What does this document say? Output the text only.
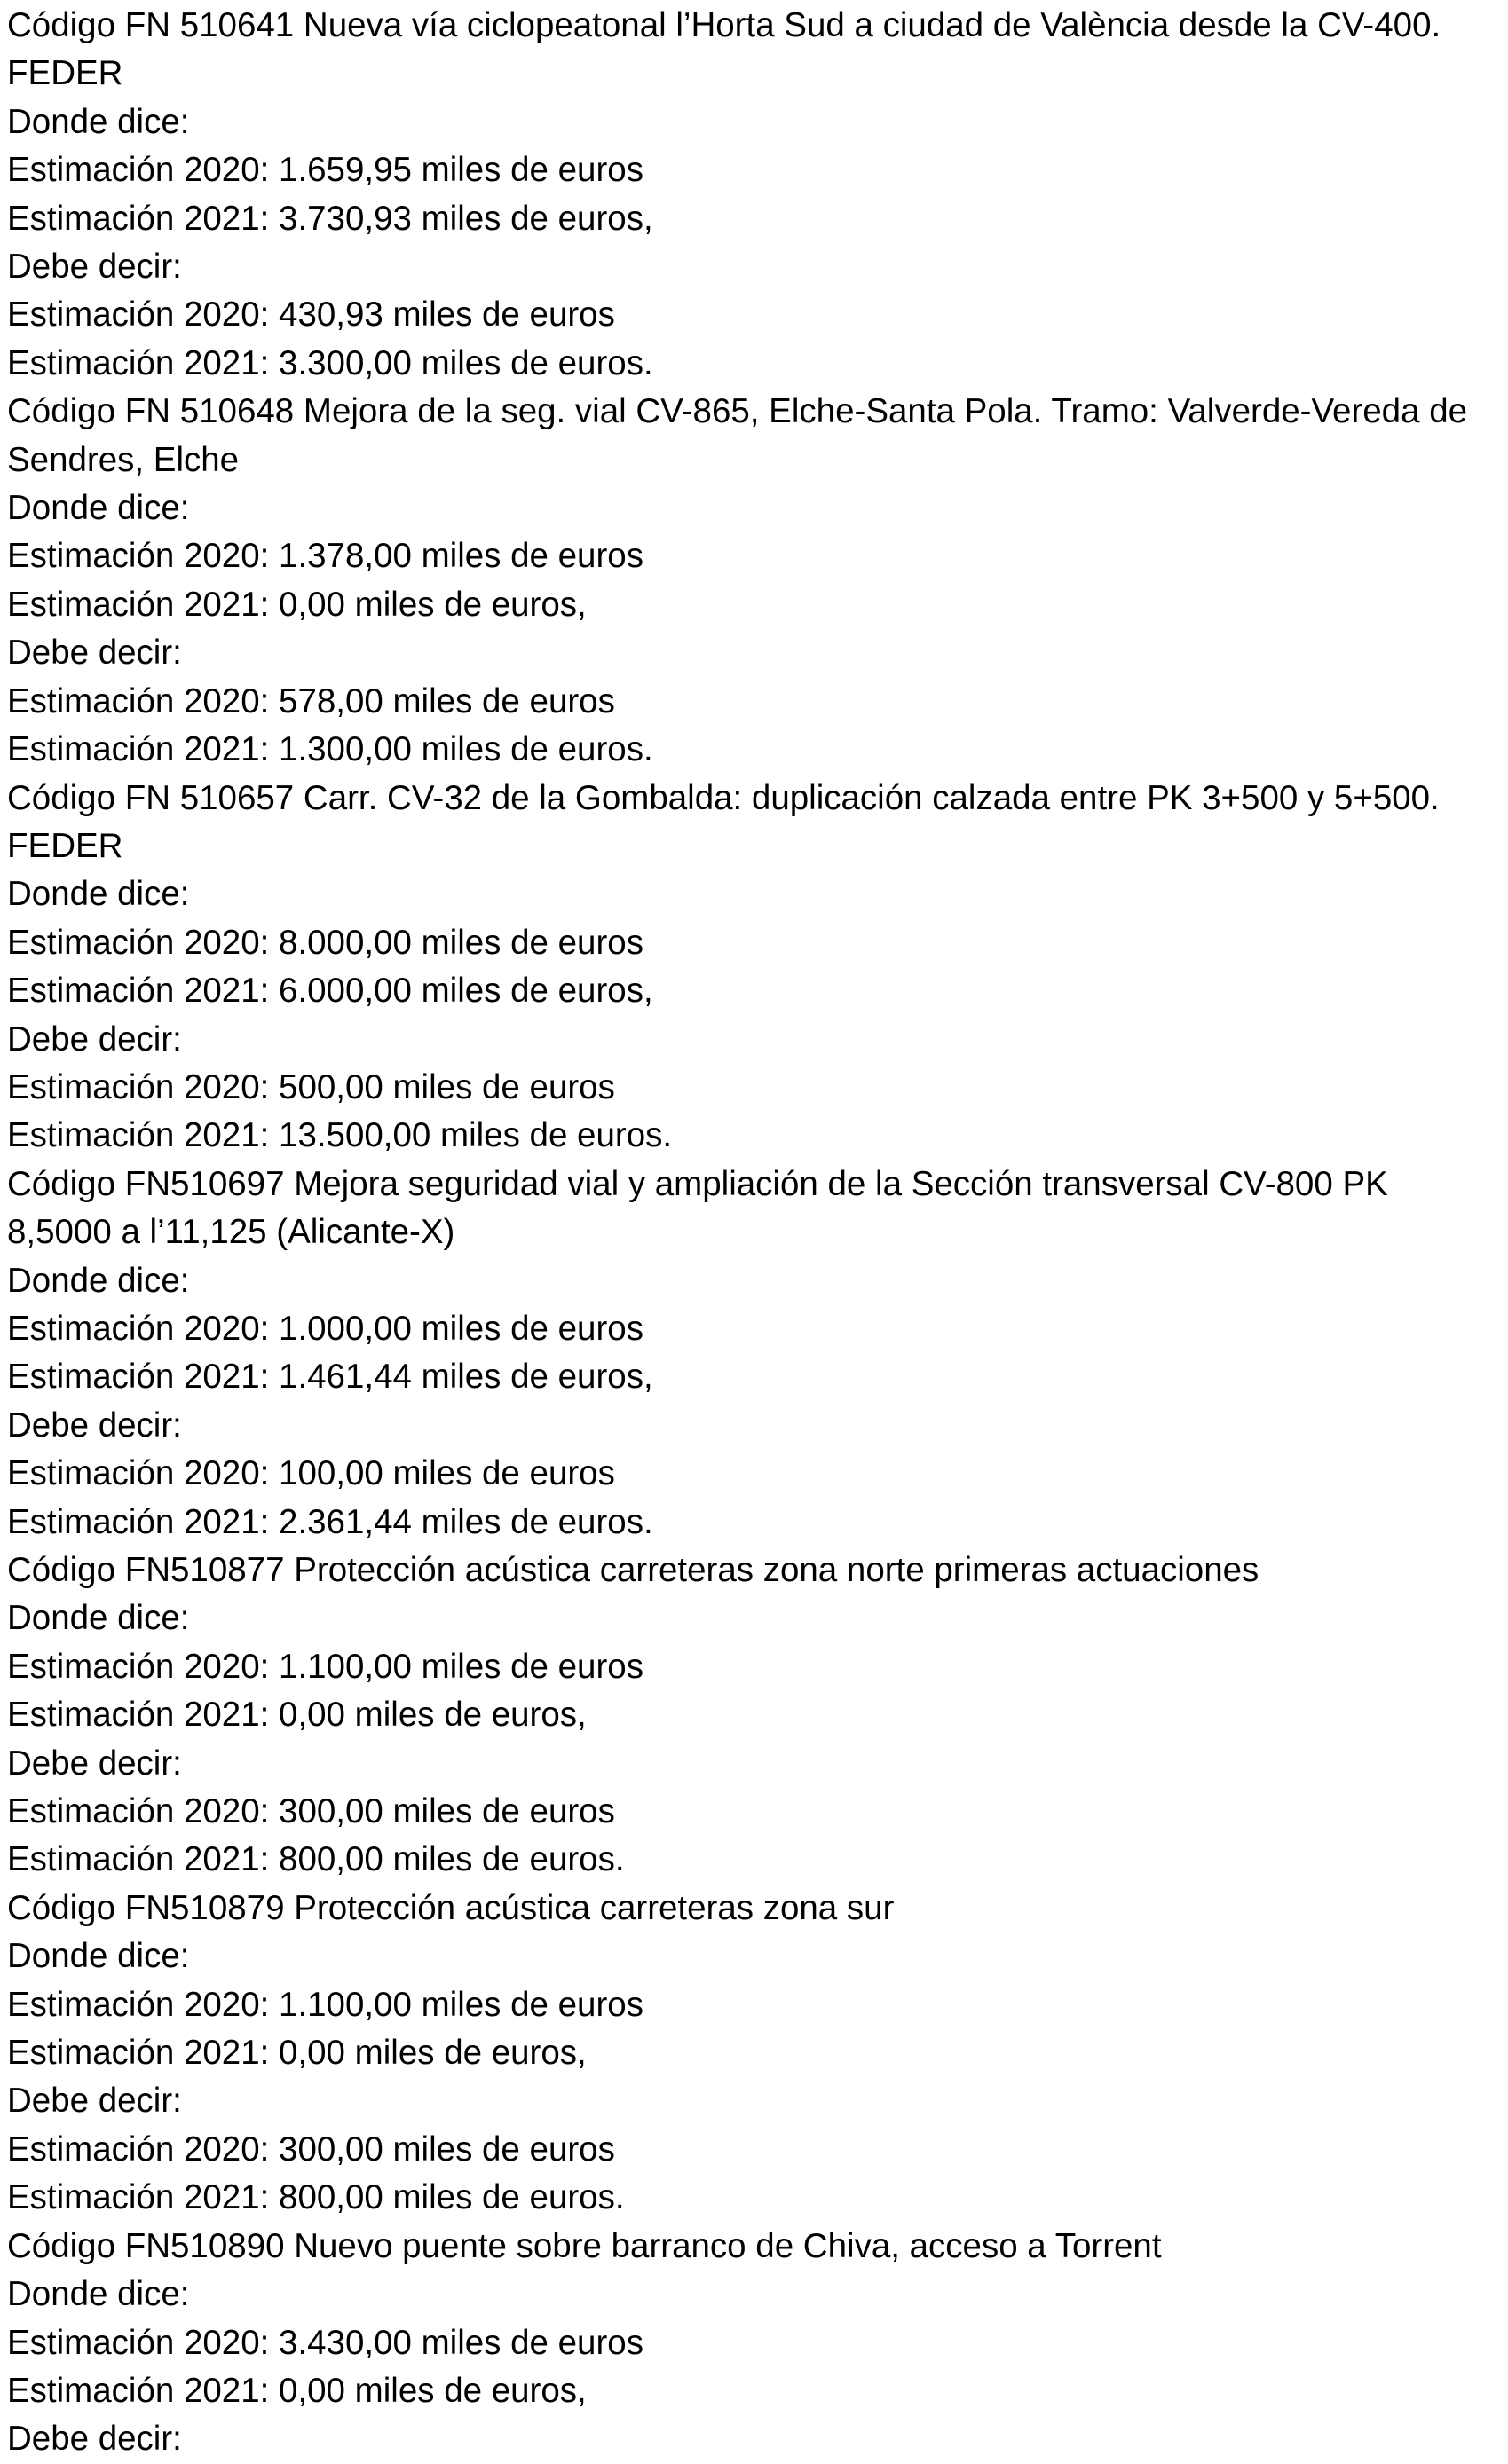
Código FN 510641 Nueva vía ciclopeatonal l’Horta Sud a ciudad de València desde la CV-400.

FEDER

Donde dice:

Estimación 2020: 1.659,95 miles de euros

Estimación 2021: 3.730,93 miles de euros,

Debe decir:

Estimación 2020: 430,93 miles de euros

Estimación 2021: 3.300,00 miles de euros.

Código FN 510648 Mejora de la seg. vial CV-865, Elche-Santa Pola. Tramo: Valverde-Vereda de

Sendres, Elche

Donde dice:

Estimación 2020: 1.378,00 miles de euros

Estimación 2021: 0,00 miles de euros,

Debe decir:

Estimación 2020: 578,00 miles de euros

Estimación 2021: 1.300,00 miles de euros.

Código FN 510657 Carr. CV-32 de la Gombalda: duplicación calzada entre PK 3+500 y 5+500.

FEDER

Donde dice:

Estimación 2020: 8.000,00 miles de euros

Estimación 2021: 6.000,00 miles de euros,

Debe decir:

Estimación 2020: 500,00 miles de euros

Estimación 2021: 13.500,00 miles de euros.

Código FN510697 Mejora seguridad vial y ampliación de la Sección transversal CV-800 PK

8,5000 a l’11,125 (Alicante-X)

Donde dice:

Estimación 2020: 1.000,00 miles de euros

Estimación 2021: 1.461,44 miles de euros,

Debe decir:

Estimación 2020: 100,00 miles de euros

Estimación 2021: 2.361,44 miles de euros.

Código FN510877 Protección acústica carreteras zona norte primeras actuaciones

Donde dice:

Estimación 2020: 1.100,00 miles de euros

Estimación 2021: 0,00 miles de euros,

Debe decir:

Estimación 2020: 300,00 miles de euros

Estimación 2021: 800,00 miles de euros.

Código FN510879 Protección acústica carreteras zona sur

Donde dice:

Estimación 2020: 1.100,00 miles de euros

Estimación 2021: 0,00 miles de euros,

Debe decir:

Estimación 2020: 300,00 miles de euros

Estimación 2021: 800,00 miles de euros.

Código FN510890 Nuevo puente sobre barranco de Chiva, acceso a Torrent

Donde dice:

Estimación 2020: 3.430,00 miles de euros

Estimación 2021: 0,00 miles de euros,

Debe decir:
